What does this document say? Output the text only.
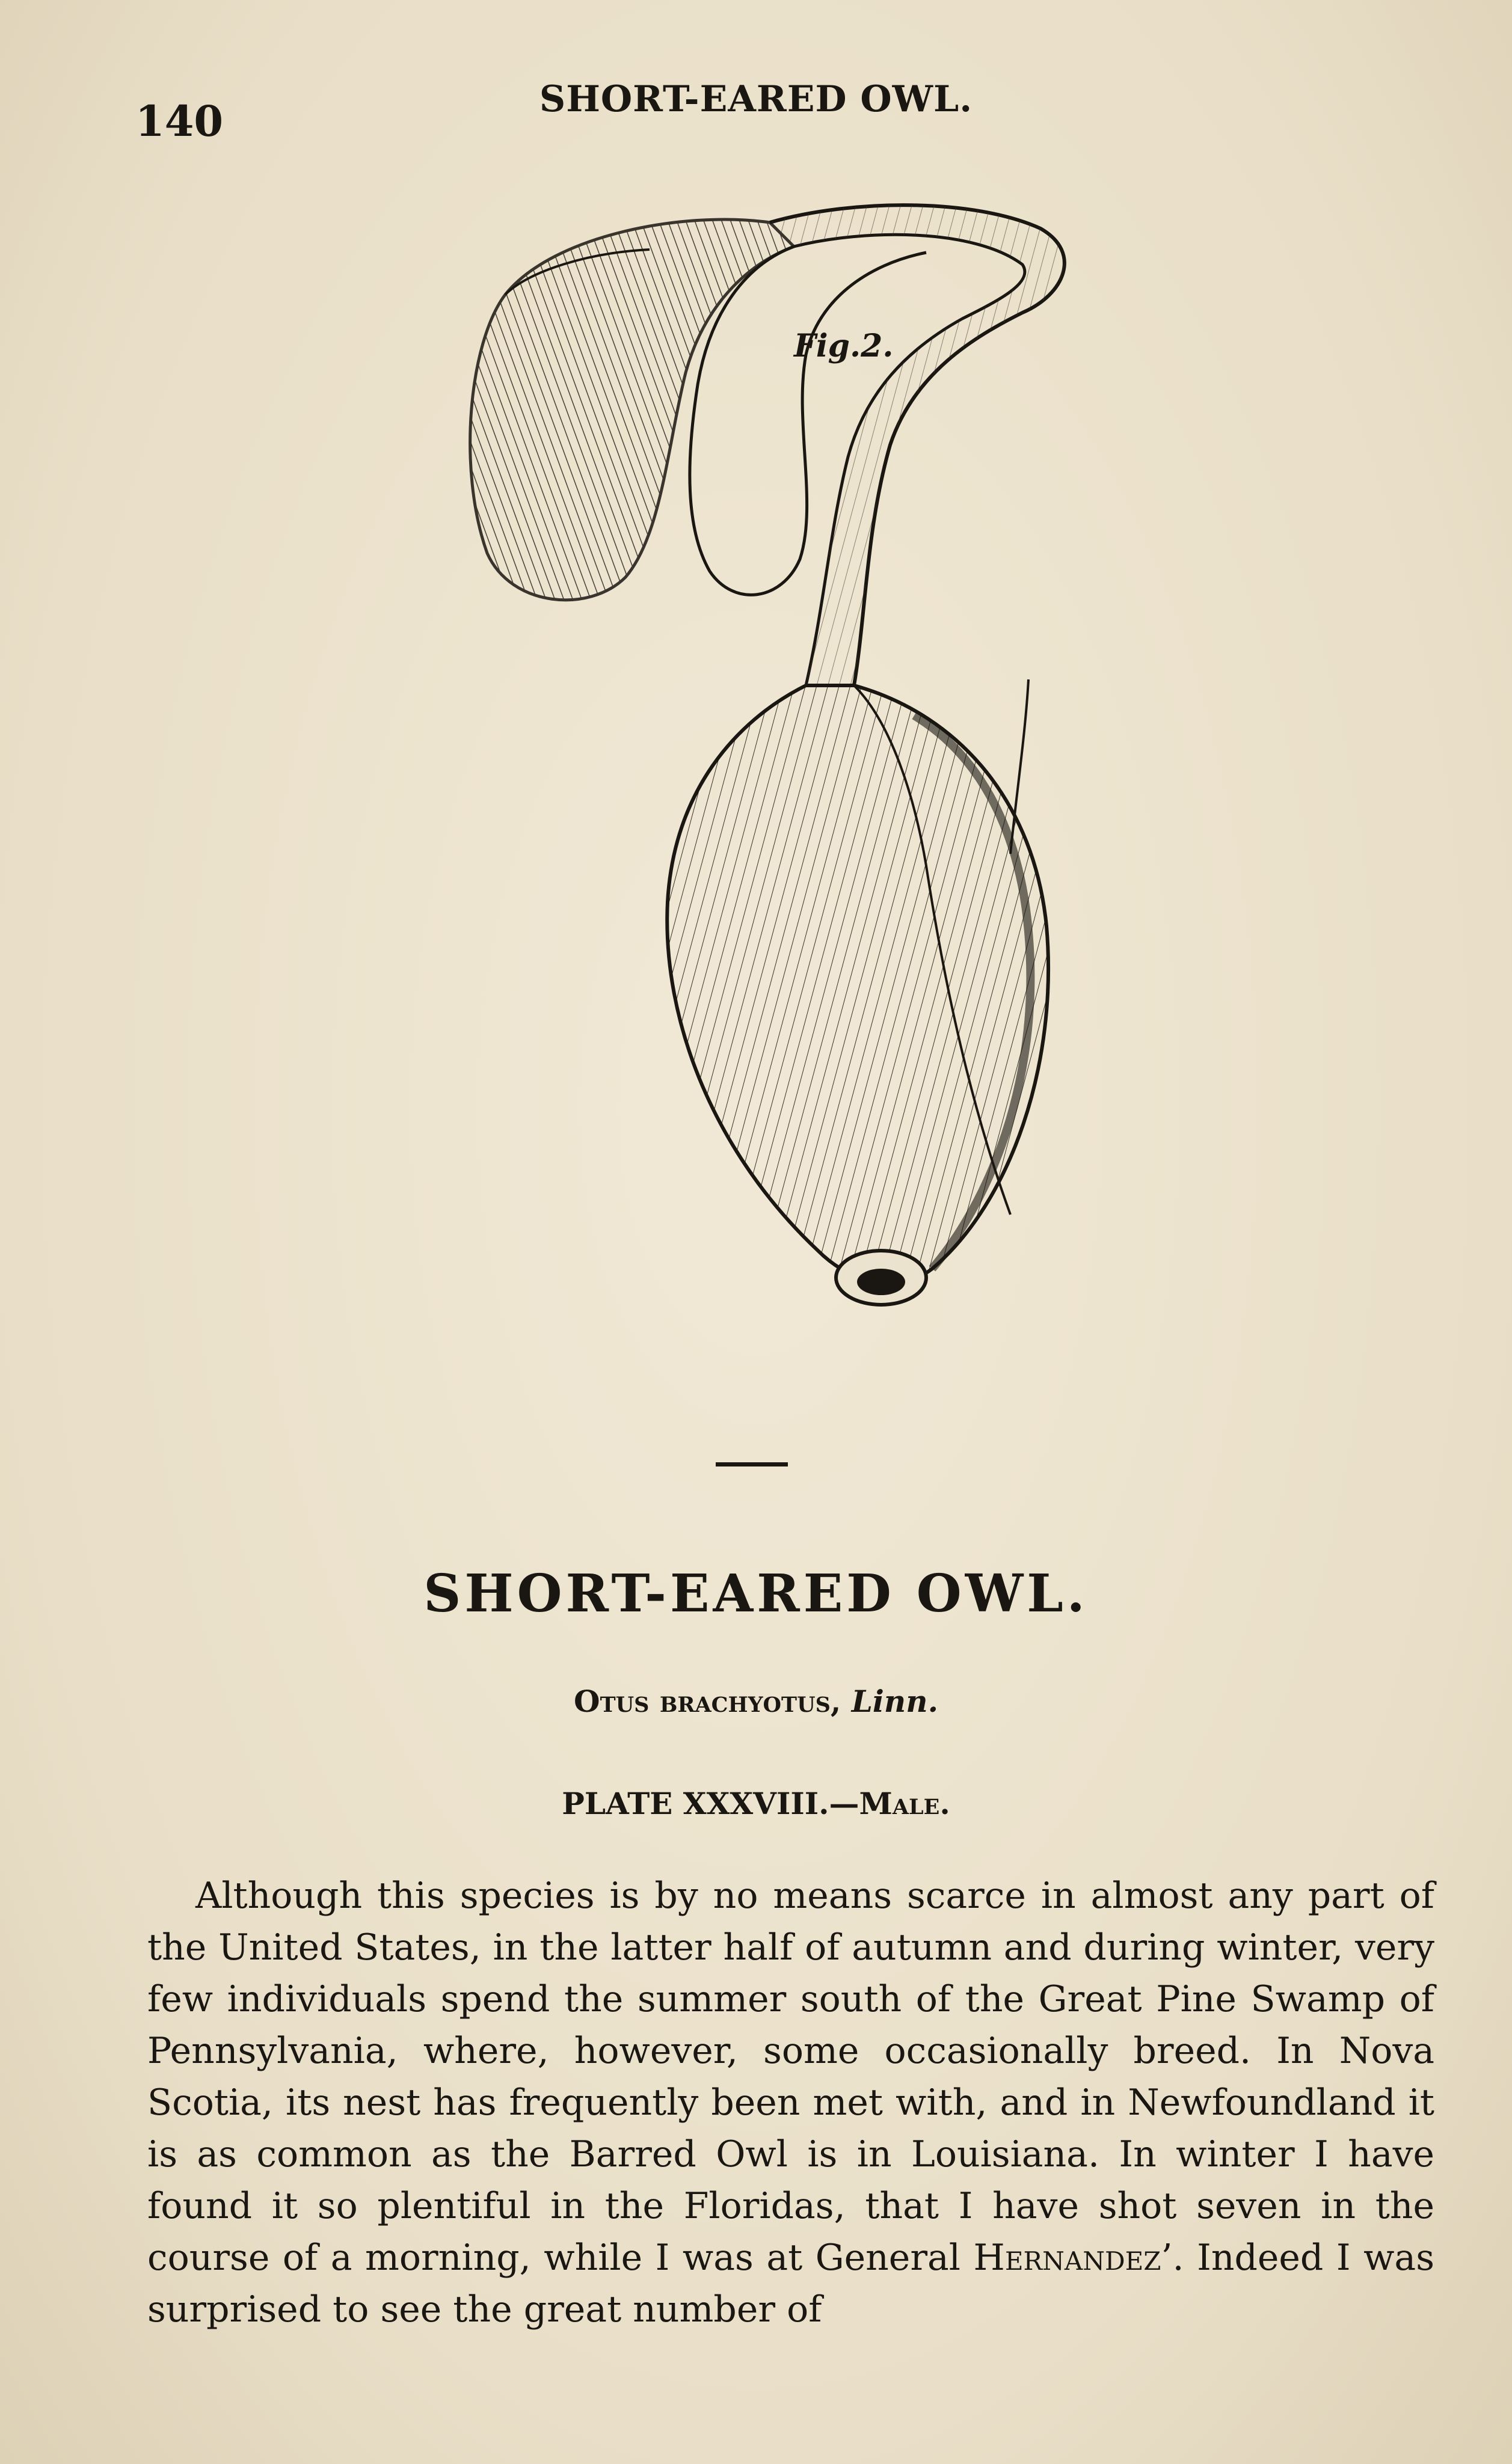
140	SHORT-EARED OWL.
Fig.2.
SHORT-EARED OWL.
Otus brachyotus, Linn.
PLATE XXXVIII.—Male.
Although this species is by no means scarce in almost any part of the United States, in the latter half of autumn and during winter, very few individuals spend the summer south of the Great Pine Swamp of Pennsylvania, where, however, some occasionally breed. In Nova Scotia, its nest has frequently been met with, and in Newfoundland it is as common as the Barred Owl is in Louisiana. In winter I have found it so plentiful in the Floridas, that I have shot seven in the course of a morning, while I was at General Hernandez’. Indeed I was surprised to see the great number of
